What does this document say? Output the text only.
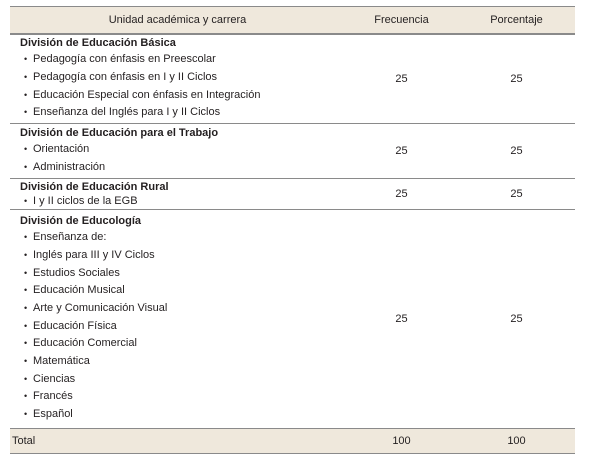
Unidad académica y carrera	Frecuencia	Porcentaje
División de Educación Básica
• Pedagogía con énfasis en Preescolar
• Pedagogía con énfasis en I y II Ciclos
• Educación Especial con énfasis en Integración
• Enseñanza del Inglés para I y II Ciclos
25	25
División de Educación para el Trabajo
• Orientación
• Administración
25	25
División de Educación Rural
• I y II ciclos de la EGB
25	25
División de Educología
• Enseñanza de:
• Inglés para III y IV Ciclos
• Estudios Sociales
• Educación Musical
• Arte y Comunicación Visual
• Educación Física
• Educación Comercial
• Matemática
• Ciencias
• Francés
• Español
25	25
Total	100	100
